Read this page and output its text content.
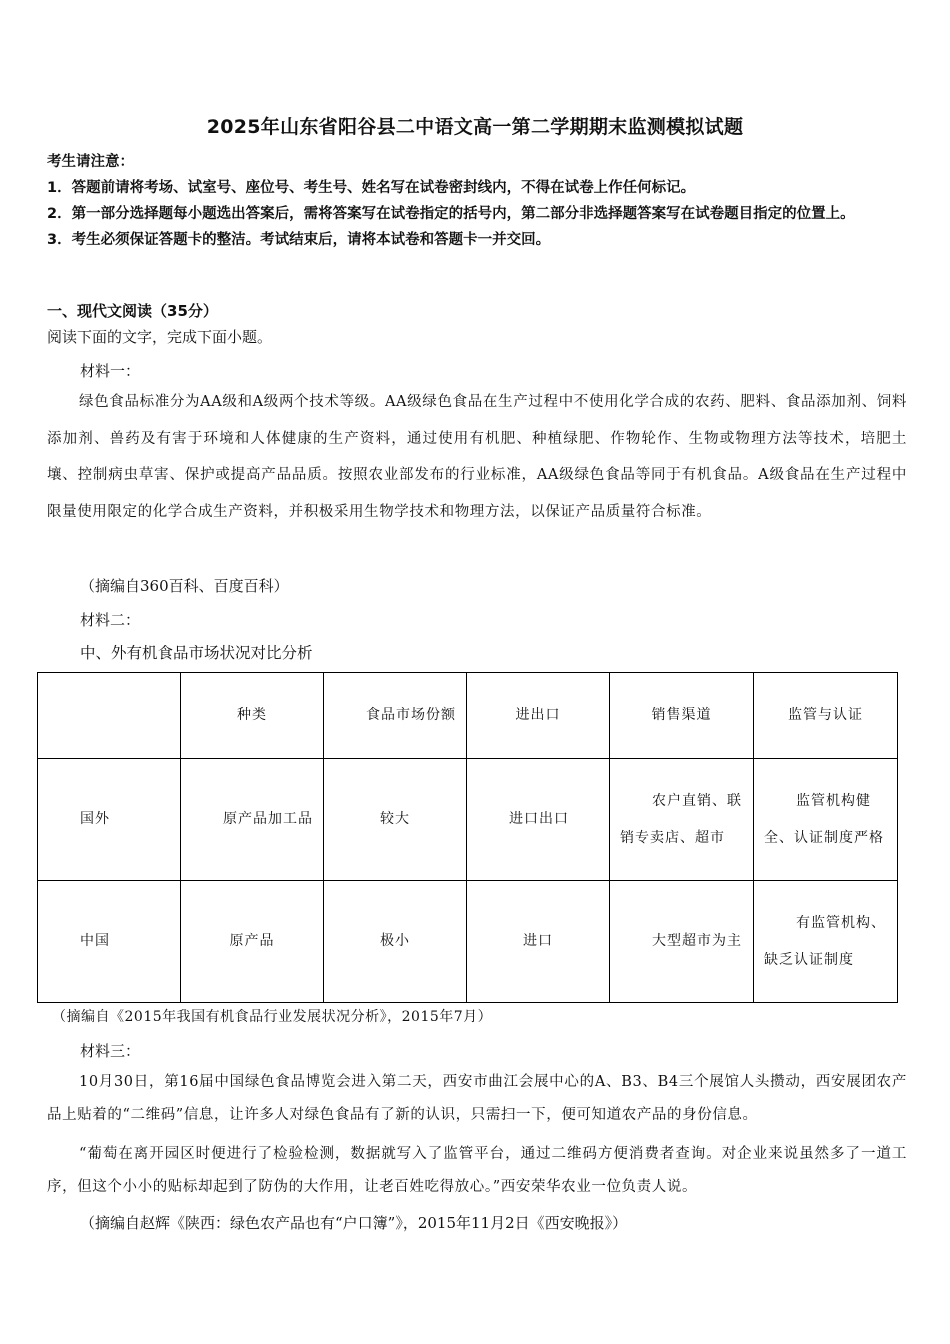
2025年山东省阳谷县二中语文高一第二学期期末监测模拟试题
考生请注意：
1．答题前请将考场、试室号、座位号、考生号、姓名写在试卷密封线内，不得在试卷上作任何标记。
2．第一部分选择题每小题选出答案后，需将答案写在试卷指定的括号内，第二部分非选择题答案写在试卷题目指定的位置上。
3．考生必须保证答题卡的整洁。考试结束后，请将本试卷和答题卡一并交回。
一、现代文阅读（35分）
阅读下面的文字，完成下面小题。
材料一：
绿色食品标准分为AA级和A级两个技术等级。AA级绿色食品在生产过程中不使用化学合成的农药、肥料、食品添加剂、饲料添加剂、兽药及有害于环境和人体健康的生产资料，通过使用有机肥、种植绿肥、作物轮作、生物或物理方法等技术，培肥土壤、控制病虫草害、保护或提高产品品质。按照农业部发布的行业标准，AA级绿色食品等同于有机食品。A级食品在生产过程中限量使用限定的化学合成生产资料，并积极采用生物学技术和物理方法，以保证产品质量符合标准。
（摘编自360百科、百度百科）
材料二：
中、外有机食品市场状况对比分析
	种类	食品市场份额	进出口	销售渠道	监管与认证
国外	原产品加工品	较大	进口出口	农户直销、联销专卖店、超市	监管机构健全、认证制度严格

中国	原产品	极小	进口	大型超市为主	有监管机构、缺乏认证制度
（摘编自《2015年我国有机食品行业发展状况分析》，2015年7月）
材料三：
10月30日，第16届中国绿色食品博览会进入第二天，西安市曲江会展中心的A、B3、B4三个展馆人头攒动，西安展团农产品上贴着的“二维码”信息，让许多人对绿色食品有了新的认识，只需扫一下，便可知道农产品的身份信息。
“葡萄在离开园区时便进行了检验检测，数据就写入了监管平台，通过二维码方便消费者查询。对企业来说虽然多了一道工序，但这个小小的贴标却起到了防伪的大作用，让老百姓吃得放心。”西安荣华农业一位负责人说。
（摘编自赵辉《陕西：绿色农产品也有“户口簿”》，2015年11月2日《西安晚报》）
